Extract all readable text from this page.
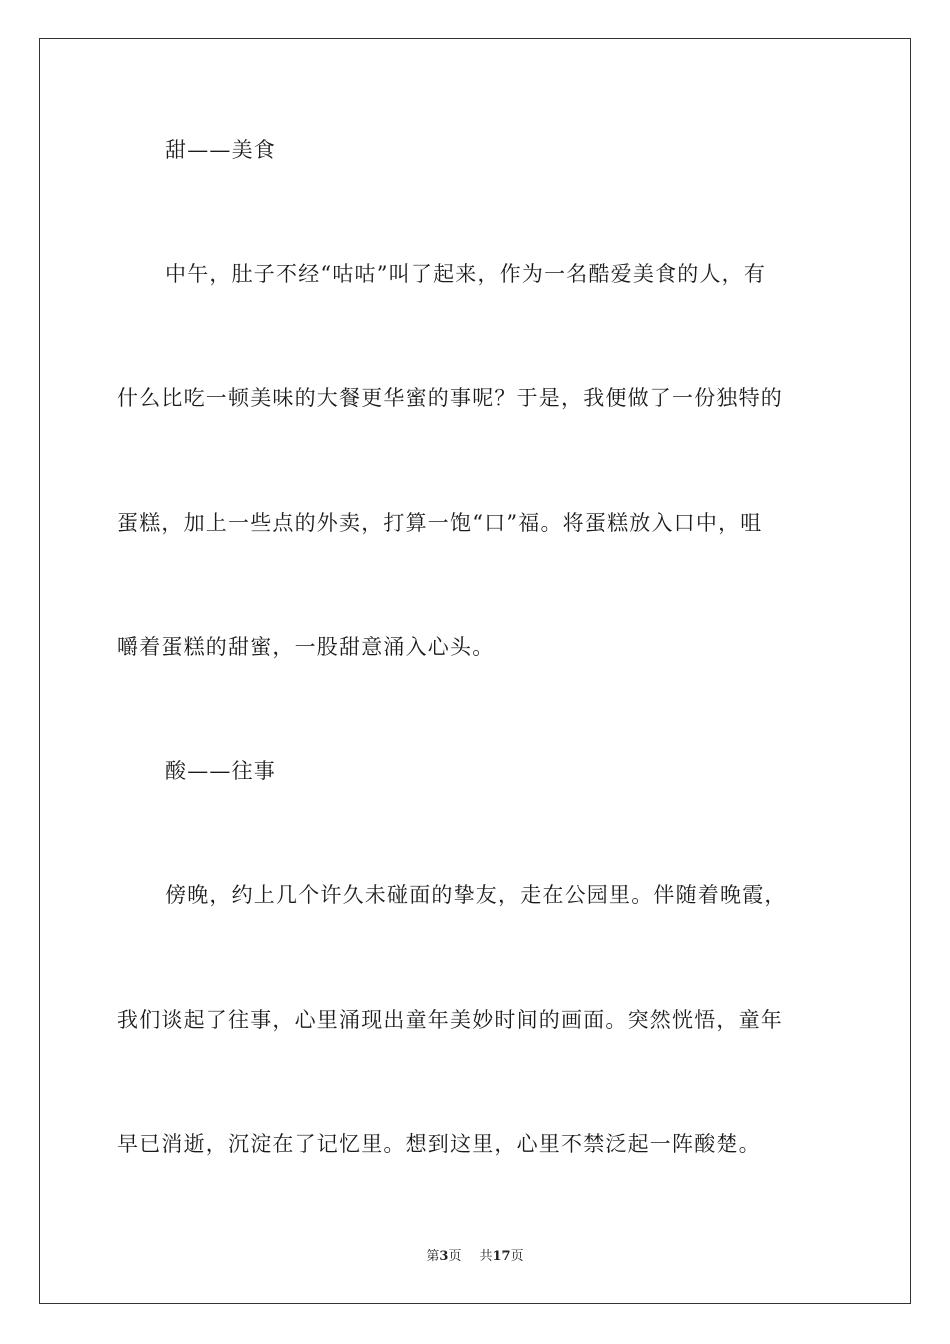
甜——美食
中午，肚子不经“咕咕”叫了起来，作为一名酷爱美食的人，有
什么比吃一顿美味的大餐更华蜜的事呢？于是，我便做了一份独特的
蛋糕，加上一些点的外卖，打算一饱“口”福。将蛋糕放入口中，咀
嚼着蛋糕的甜蜜，一股甜意涌入心头。
酸——往事
傍晚，约上几个许久未碰面的挚友，走在公园里。伴随着晚霞，
我们谈起了往事，心里涌现出童年美妙时间的画面。突然恍悟，童年
早已消逝，沉淀在了记忆里。想到这里，心里不禁泛起一阵酸楚。
第3页 共17页
